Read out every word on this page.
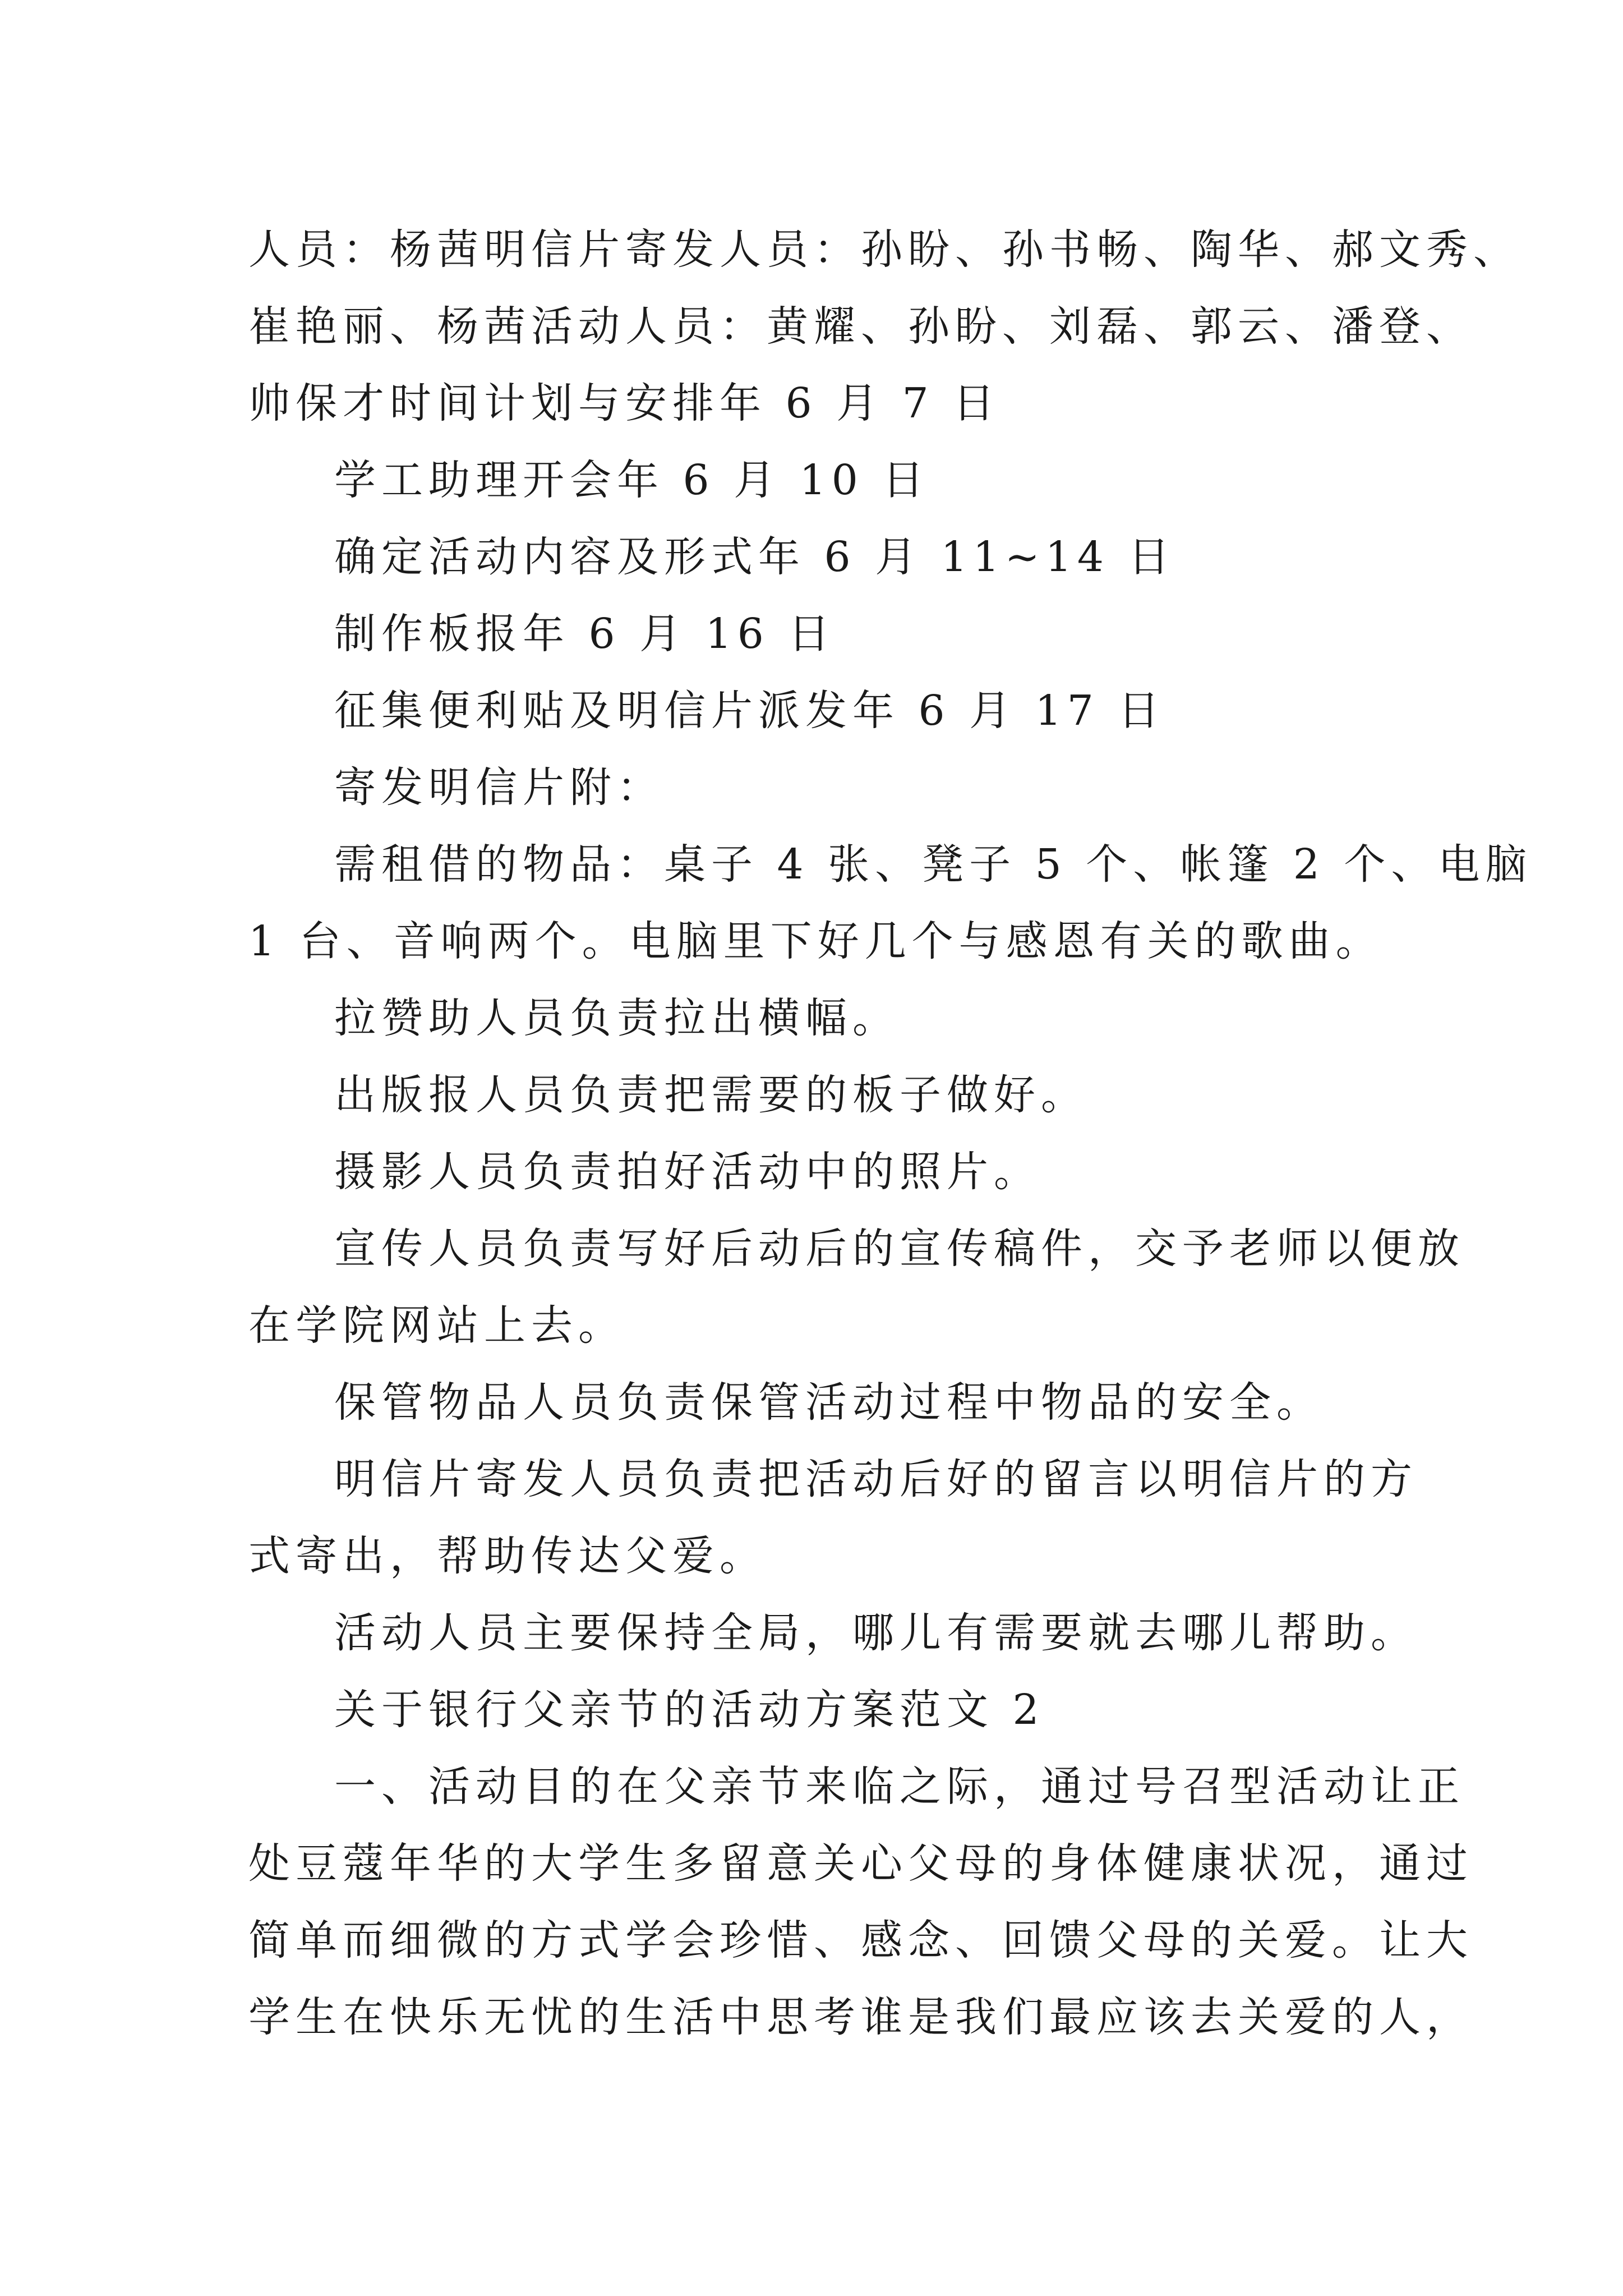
人员：杨茜明信片寄发人员：孙盼、孙书畅、陶华、郝文秀、
崔艳丽、杨茜活动人员：黄耀、孙盼、刘磊、郭云、潘登、
帅保才时间计划与安排年 6 月 7 日
学工助理开会年 6 月 10 日
确定活动内容及形式年 6 月 11~14 日
制作板报年 6 月 16 日
征集便利贴及明信片派发年 6 月 17 日
寄发明信片附：
需租借的物品：桌子 4 张、凳子 5 个、帐篷 2 个、电脑
1 台、音响两个。电脑里下好几个与感恩有关的歌曲。
拉赞助人员负责拉出横幅。
出版报人员负责把需要的板子做好。
摄影人员负责拍好活动中的照片。
宣传人员负责写好后动后的宣传稿件，交予老师以便放
在学院网站上去。
保管物品人员负责保管活动过程中物品的安全。
明信片寄发人员负责把活动后好的留言以明信片的方
式寄出，帮助传达父爱。
活动人员主要保持全局，哪儿有需要就去哪儿帮助。
关于银行父亲节的活动方案范文 2
一、活动目的在父亲节来临之际，通过号召型活动让正
处豆蔻年华的大学生多留意关心父母的身体健康状况，通过
简单而细微的方式学会珍惜、感念、回馈父母的关爱。让大
学生在快乐无忧的生活中思考谁是我们最应该去关爱的人，
